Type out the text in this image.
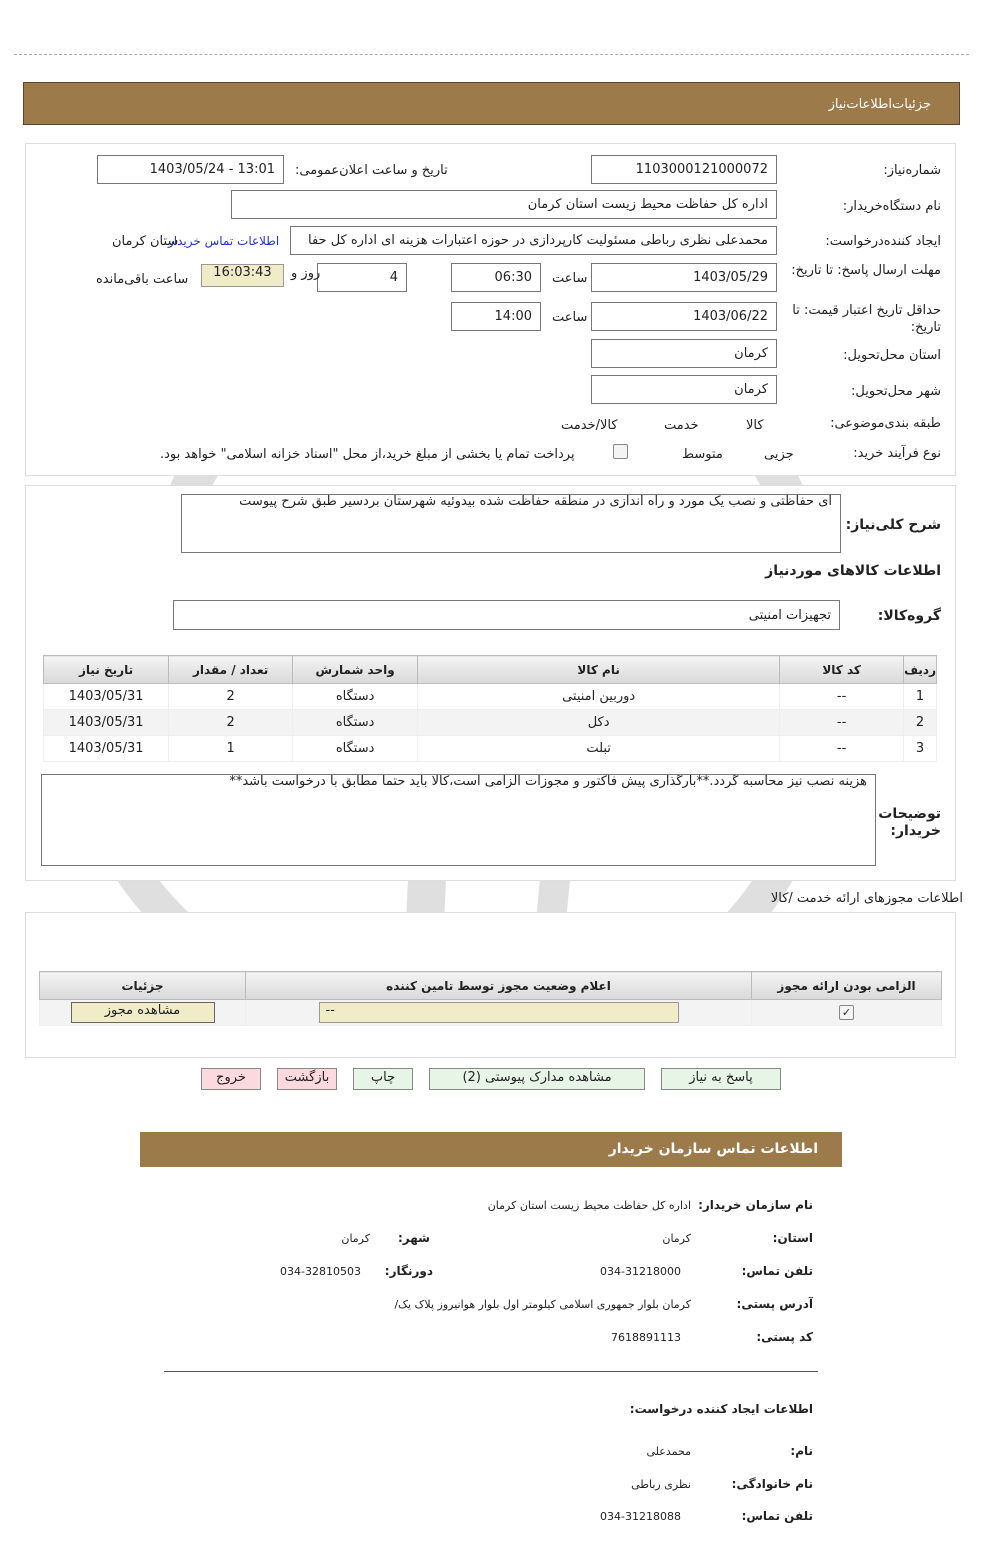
جزئیات‌اطلاعات‌نیاز
شماره‌نیاز:
1103000121000072
تاریخ و ساعت اعلان‌عمومی:
1403/05/24 - 13:01
نام دستگاه‌خریدار:
اداره کل حفاظت محیط زیست استان کرمان
ایجاد کننده‌درخواست:
محمدعلی نظری رباطی مسئولیت کارپردازی در حوزه اعتبارات هزینه ای اداره کل حفا
ستان کرمان
اطلاعات تماس خریدار
مهلت ارسال پاسخ: تا تاریخ:
1403/05/29
ساعت
06:30
4
روز و
16:03:43
ساعت باقی‌مانده
حداقل تاریخ اعتبار قیمت: تا تاریخ:
1403/06/22
ساعت
14:00
استان محل‌تحویل:
کرمان
شهر محل‌تحویل:
کرمان
طبقه بندی‌موضوعی:

کالا

خدمت

کالا/خدمت
نوع فرآیند خرید:

جزیی
متوسط
پرداخت تمام یا بخشی از مبلغ خرید،از محل "اسناد خزانه اسلامی" خواهد بود.
شرح کلی‌نیاز:
ای حفاظتی و نصب یک مورد و راه اندازی در منطقه حفاظت شده بیدوئیه شهرستان بردسیر طبق شرح پیوست
اطلاعات کالاهای مورد‌نیاز
گروه‌کالا:
تجهیزات امنیتی
ردیف	کد کالا	نام کالا	واحد شمارش	تعداد / مقدار	تاریخ نیاز
1	--	دوربین امنیتی	دستگاه	2	1403/05/31
2	--	دکل	دستگاه	2	1403/05/31
3	--	تبلت	دستگاه	1	1403/05/31
توضیحات خریدار:
هزینه نصب نیز محاسبه گردد.**بارگذاری پیش فاکتور و مجوزات الزامی است،کالا باید حتما مطابق با درخواست باشد**
اطلاعات مجوزهای ارائه خدمت /کالا
الزامی بودن ارائه مجوز	اعلام وضعیت مجوز توسط تامین کننده	جزئیات
✓	--	مشاهده مجوز
پاسخ به نیاز
مشاهده مدارک پیوستی (2)
چاپ
بازگشت
خروج
اطلاعات تماس سازمان خریدار
نام سازمان خریدار:
اداره کل حفاظت محیط زیست استان کرمان
استان:
کرمان
شهر:
کرمان
تلفن تماس:
034-31218000
دورنگار:
034-32810503
آدرس پستی:
کرمان بلوار جمهوری اسلامی کیلومتر اول بلوار هوانیروز پلاک یک/
کد پستی:
7618891113
اطلاعات ایجاد کننده درخواست:
نام:
محمدعلی
نام خانوادگی:
نظری رباطی
تلفن تماس:
034-31218088
